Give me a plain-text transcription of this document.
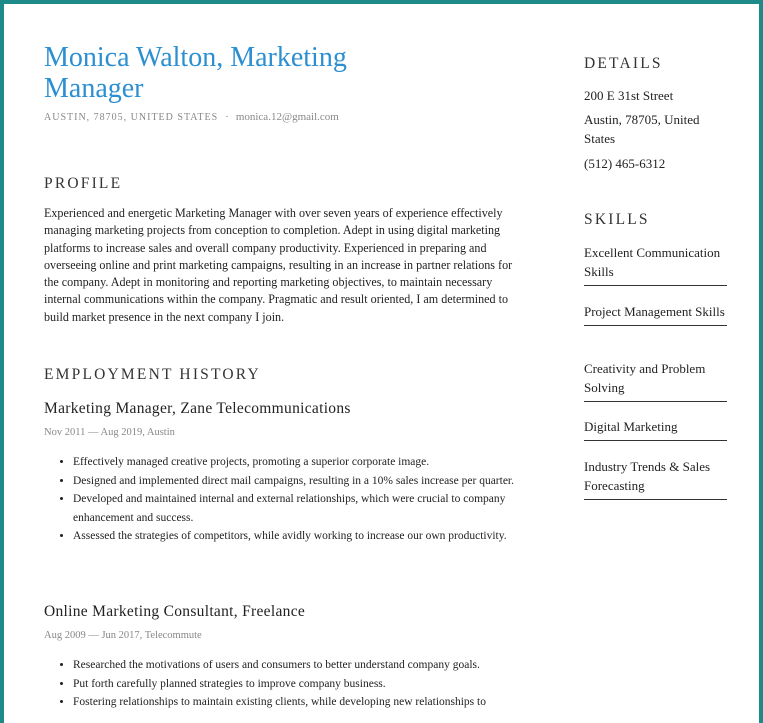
Monica Walton, Marketing Manager
AUSTIN, 78705, UNITED STATES · monica.12@gmail.com
PROFILE
Experienced and energetic Marketing Manager with over seven years of experience effectively managing marketing projects from conception to completion. Adept in using digital marketing platforms to increase sales and overall company productivity. Experienced in preparing and overseeing online and print marketing campaigns, resulting in an increase in partner relations for the company. Adept in monitoring and reporting marketing objectives, to maintain necessary internal communications within the company. Pragmatic and result oriented, I am determined to build market presence in the next company I join.
EMPLOYMENT HISTORY
Marketing Manager, Zane Telecommunications
Nov 2011 — Aug 2019, Austin
• Effectively managed creative projects, promoting a superior corporate image.
• Designed and implemented direct mail campaigns, resulting in a 10% sales increase per quarter.
• Developed and maintained internal and external relationships, which were crucial to company enhancement and success.
• Assessed the strategies of competitors, while avidly working to increase our own productivity.
Online Marketing Consultant, Freelance
Aug 2009 — Jun 2017, Telecommute
• Researched the motivations of users and consumers to better understand company goals.
• Put forth carefully planned strategies to improve company business.
• Fostering relationships to maintain existing clients, while developing new relationships to
DETAILS
200 E 31st Street
Austin, 78705, United States
(512) 465-6312
SKILLS
Excellent Communication Skills
Project Management Skills
Creativity and Problem Solving
Digital Marketing
Industry Trends & Sales Forecasting
